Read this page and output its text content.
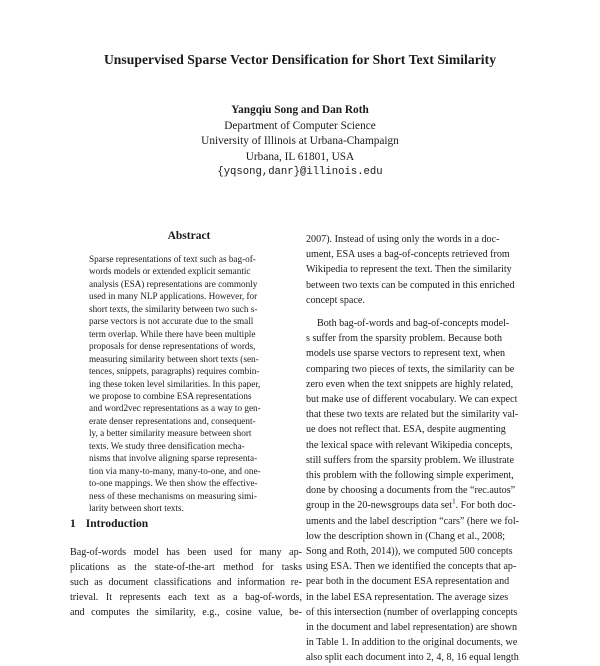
Unsupervised Sparse Vector Densification for Short Text Similarity
Yangqiu Song and Dan Roth
Department of Computer Science
University of Illinois at Urbana-Champaign
Urbana, IL 61801, USA
{yqsong,danr}@illinois.edu
Abstract

Sparse representations of text such as bag-of-
words models or extended explicit semantic
analysis (ESA) representations are commonly
used in many NLP applications. However, for
short texts, the similarity between two such s-
parse vectors is not accurate due to the small
term overlap. While there have been multiple
proposals for dense representations of words,
measuring similarity between short texts (sen-
tences, snippets, paragraphs) requires combin-
ing these token level similarities. In this paper,
we propose to combine ESA representations
and word2vec representations as a way to gen-
erate denser representations and, consequent-
ly, a better similarity measure between short
texts. We study three densification mecha-
nisms that involve aligning sparse representa-
tion via many-to-many, many-to-one, and one-
to-one mappings. We then show the effective-
ness of these mechanisms on measuring simi-
larity between short texts.

1 Introduction

Bag-of-words model has been used for many ap-
plications as the state-of-the-art method for tasks
such as document classifications and information re-
trieval. It represents each text as a bag-of-words,
and computes the similarity, e.g., cosine value, be-

2007). Instead of using only the words in a doc-
ument, ESA uses a bag-of-concepts retrieved from
Wikipedia to represent the text. Then the similarity
between two texts can be computed in this enriched
concept space.
Both bag-of-words and bag-of-concepts model-
s suffer from the sparsity problem. Because both
models use sparse vectors to represent text, when
comparing two pieces of texts, the similarity can be
zero even when the text snippets are highly related,
but make use of different vocabulary. We can expect
that these two texts are related but the similarity val-
ue does not reflect that. ESA, despite augmenting
the lexical space with relevant Wikipedia concepts,
still suffers from the sparsity problem. We illustrate
this problem with the following simple experiment,
done by choosing a documents from the “rec.autos”
group in the 20-newsgroups data set$^1$. For both doc-
uments and the label description “cars” (here we fol-
low the description shown in (Chang et al., 2008;
Song and Roth, 2014)), we computed 500 concepts
using ESA. Then we identified the concepts that ap-
pear both in the document ESA representation and
in the label ESA representation. The average sizes
of this intersection (number of overlapping concepts
in the document and label representation) are shown
in Table 1. In addition to the original documents, we
also split each document into 2, 4, 8, 16 equal length
